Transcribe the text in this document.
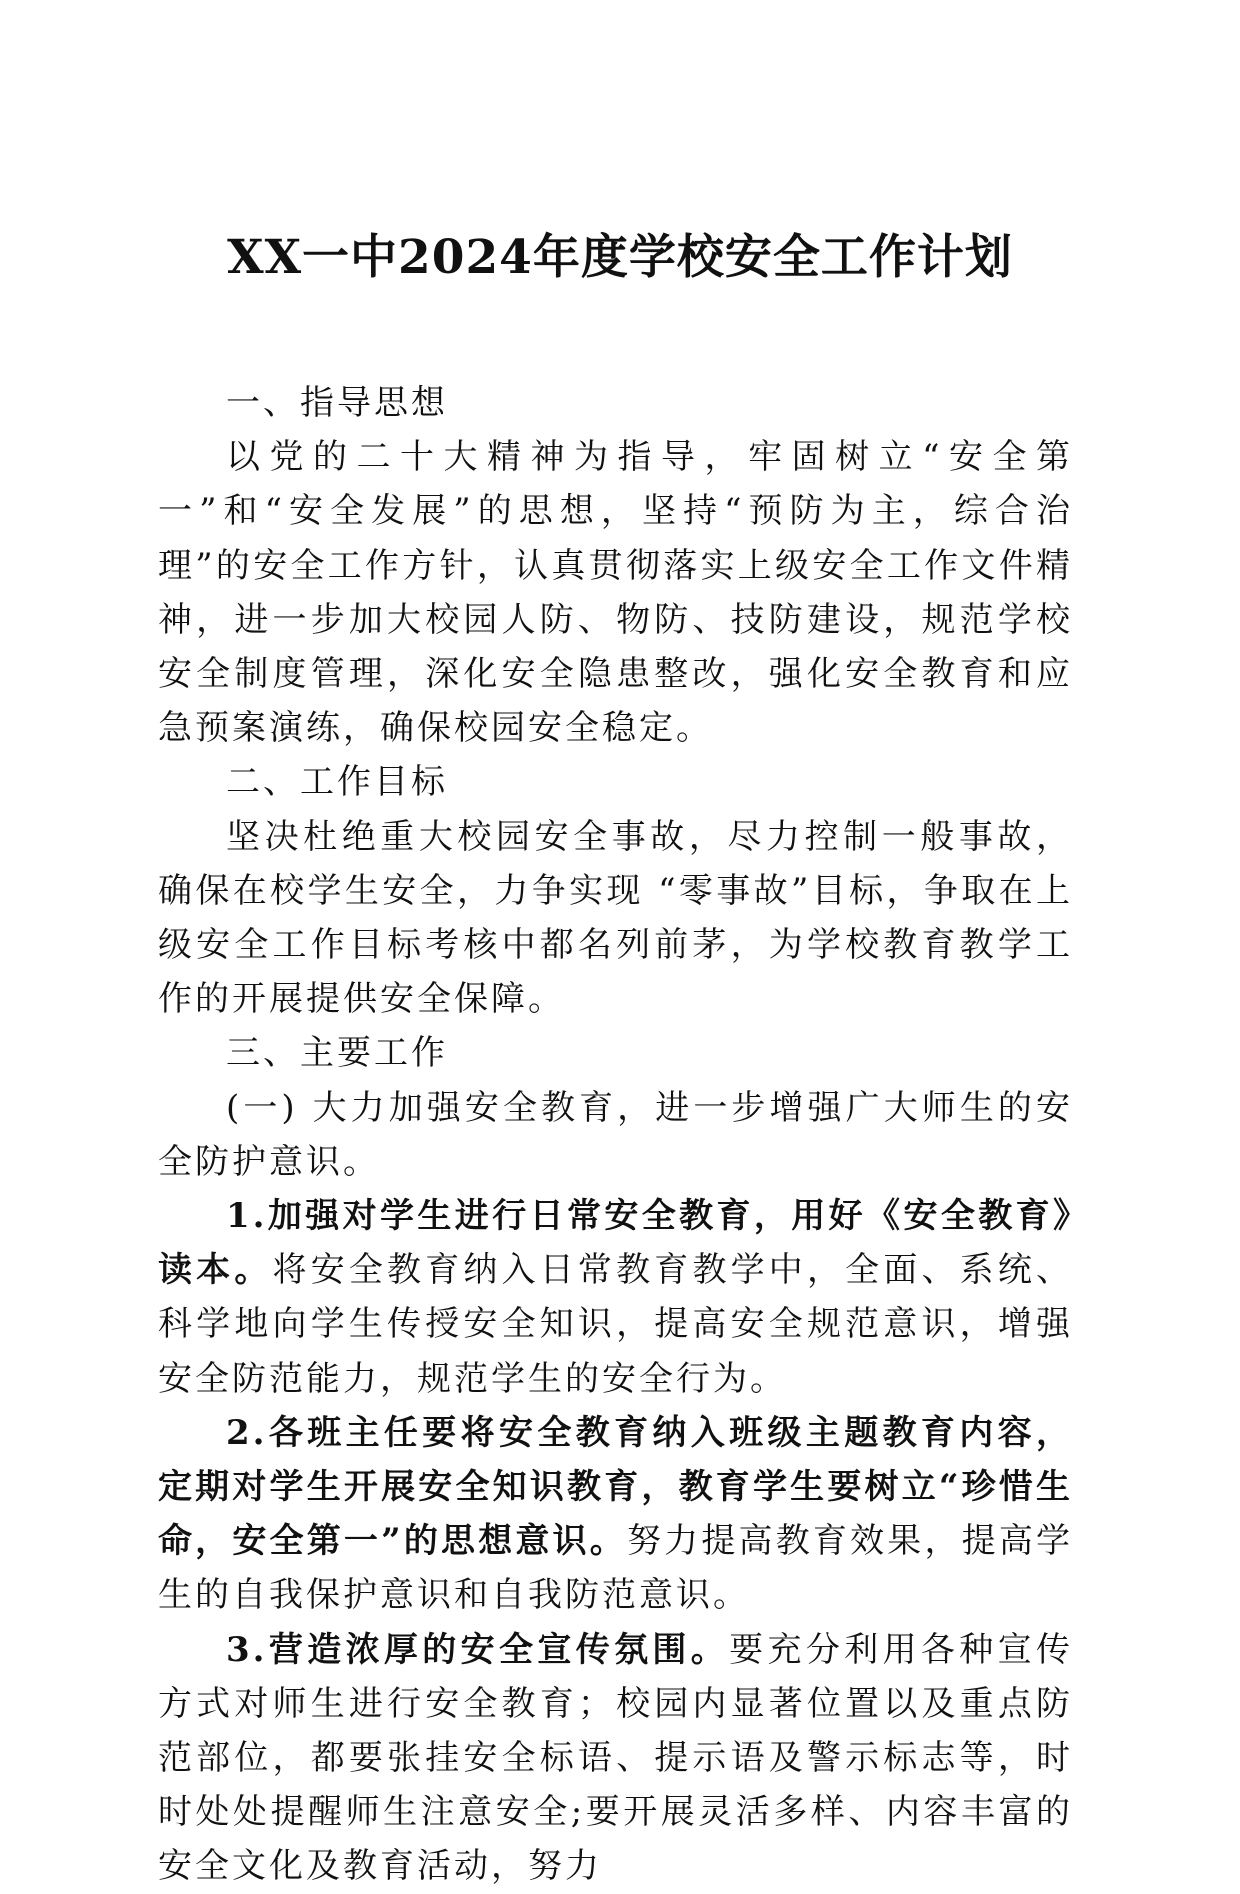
XX一中2024年度学校安全工作计划

一、指导思想

以党的二十大精神为指导，牢固树立“安全第一”和“安全发展”的思想，坚持“预防为主，综合治理”的安全工作方针，认真贯彻落实上级安全工作文件精神，进一步加大校园人防、物防、技防建设，规范学校安全制度管理，深化安全隐患整改，强化安全教育和应急预案演练，确保校园安全稳定。

二、工作目标

坚决杜绝重大校园安全事故，尽力控制一般事故，确保在校学生安全，力争实现 “零事故”目标，争取在上级安全工作目标考核中都名列前茅，为学校教育教学工作的开展提供安全保障。

三、主要工作

(一) 大力加强安全教育，进一步增强广大师生的安全防护意识。

1.加强对学生进行日常安全教育，用好《安全教育》读本。将安全教育纳入日常教育教学中，全面、系统、科学地向学生传授安全知识，提高安全规范意识，增强安全防范能力，规范学生的安全行为。

2.各班主任要将安全教育纳入班级主题教育内容，定期对学生开展安全知识教育，教育学生要树立“珍惜生命，安全第一”的思想意识。努力提高教育效果，提高学生的自我保护意识和自我防范意识。

3.营造浓厚的安全宣传氛围。要充分利用各种宣传方式对师生进行安全教育；校园内显著位置以及重点防范部位，都要张挂安全标语、提示语及警示标志等，时时处处提醒师生注意安全;要开展灵活多样、内容丰富的安全文化及教育活动，努力
